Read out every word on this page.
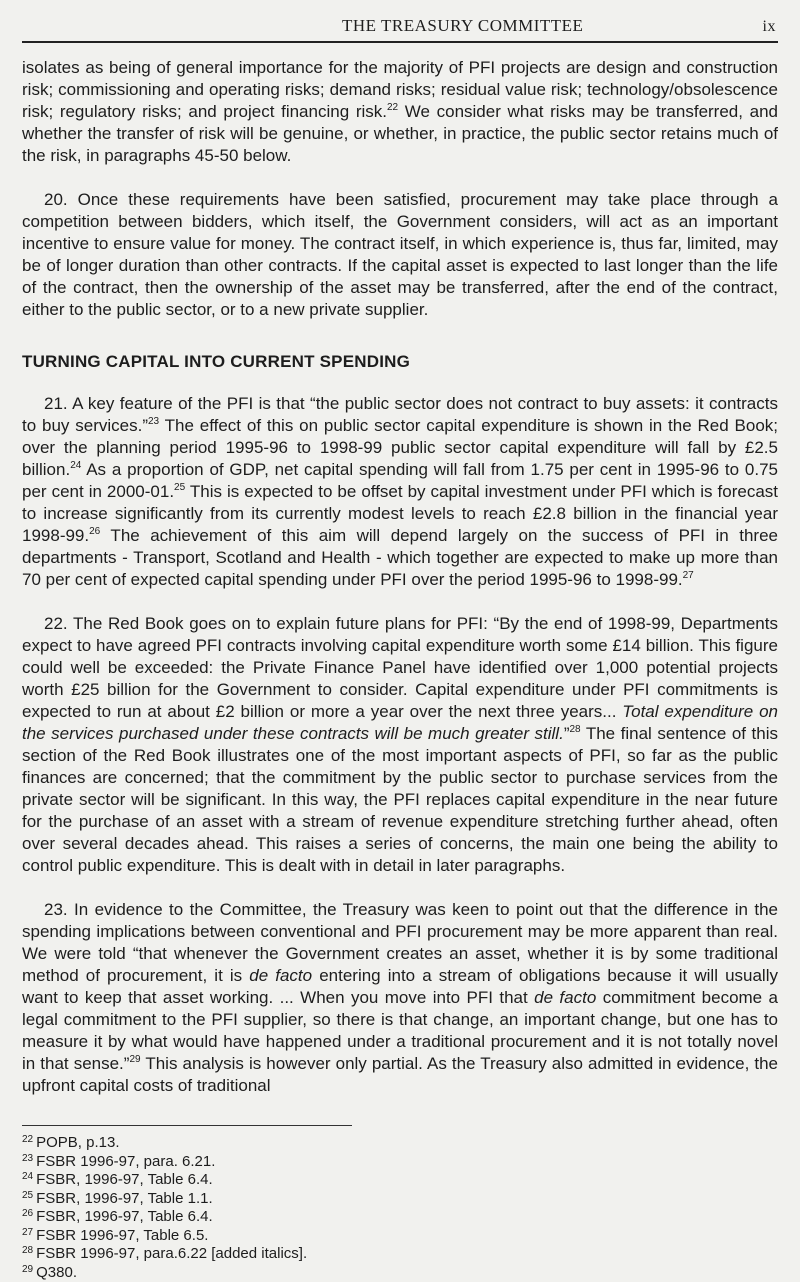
THE TREASURY COMMITTEE	ix

isolates as being of general importance for the majority of PFI projects are design and construction risk; commissioning and operating risks; demand risks; residual value risk; technology/obsolescence risk; regulatory risks; and project financing risk.$^{22}$ We consider what risks may be transferred, and whether the transfer of risk will be genuine, or whether, in practice, the public sector retains much of the risk, in paragraphs 45-50 below.

20. Once these requirements have been satisfied, procurement may take place through a competition between bidders, which itself, the Government considers, will act as an important incentive to ensure value for money. The contract itself, in which experience is, thus far, limited, may be of longer duration than other contracts. If the capital asset is expected to last longer than the life of the contract, then the ownership of the asset may be transferred, after the end of the contract, either to the public sector, or to a new private supplier.

TURNING CAPITAL INTO CURRENT SPENDING

21. A key feature of the PFI is that “the public sector does not contract to buy assets: it contracts to buy services.”$^{23}$ The effect of this on public sector capital expenditure is shown in the Red Book; over the planning period 1995-96 to 1998-99 public sector capital expenditure will fall by £2.5 billion.$^{24}$ As a proportion of GDP, net capital spending will fall from 1.75 per cent in 1995-96 to 0.75 per cent in 2000-01.25 This is expected to be offset by capital investment under PFI which is forecast to increase significantly from its currently modest levels to reach £2.8 billion in the financial year 1998-99.26 The achievement of this aim will depend largely on the success of PFI in three departments - Transport, Scotland and Health - which together are expected to make up more than 70 per cent of expected capital spending under PFI over the period 1995-96 to 1998-99.27

22. The Red Book goes on to explain future plans for PFI: “By the end of 1998-99, Departments expect to have agreed PFI contracts involving capital expenditure worth some £14 billion. This figure could well be exceeded: the Private Finance Panel have identified over 1,000 potential projects worth £25 billion for the Government to consider. Capital expenditure under PFI commitments is expected to run at about £2 billion or more a year over the next three years... Total expenditure on the services purchased under these contracts will be much greater still.”$^{28}$ The final sentence of this section of the Red Book illustrates one of the most important aspects of PFI, so far as the public finances are concerned; that the commitment by the public sector to purchase services from the private sector will be significant. In this way, the PFI replaces capital expenditure in the near future for the purchase of an asset with a stream of revenue expenditure stretching further ahead, often over several decades ahead. This raises a series of concerns, the main one being the ability to control public expenditure. This is dealt with in detail in later paragraphs.

23. In evidence to the Committee, the Treasury was keen to point out that the difference in the spending implications between conventional and PFI procurement may be more apparent than real. We were told “that whenever the Government creates an asset, whether it is by some traditional method of procurement, it is de facto entering into a stream of obligations because it will usually want to keep that asset working. ... When you move into PFI that de facto commitment become a legal commitment to the PFI supplier, so there is that change, an important change, but one has to measure it by what would have happened under a traditional procurement and it is not totally novel in that sense.”$^{29}$ This analysis is however only partial. As the Treasury also admitted in evidence, the upfront capital costs of traditional

$^{22}$ POPB, p.13.
$^{23}$ FSBR 1996-97, para. 6.21.
$^{24}$ FSBR, 1996-97, Table 6.4.
$^{25}$ FSBR, 1996-97, Table 1.1.
$^{26}$ FSBR, 1996-97, Table 6.4.
$^{27}$ FSBR 1996-97, Table 6.5.
$^{28}$ FSBR 1996-97, para.6.22 [added italics].
$^{29}$ Q380.
